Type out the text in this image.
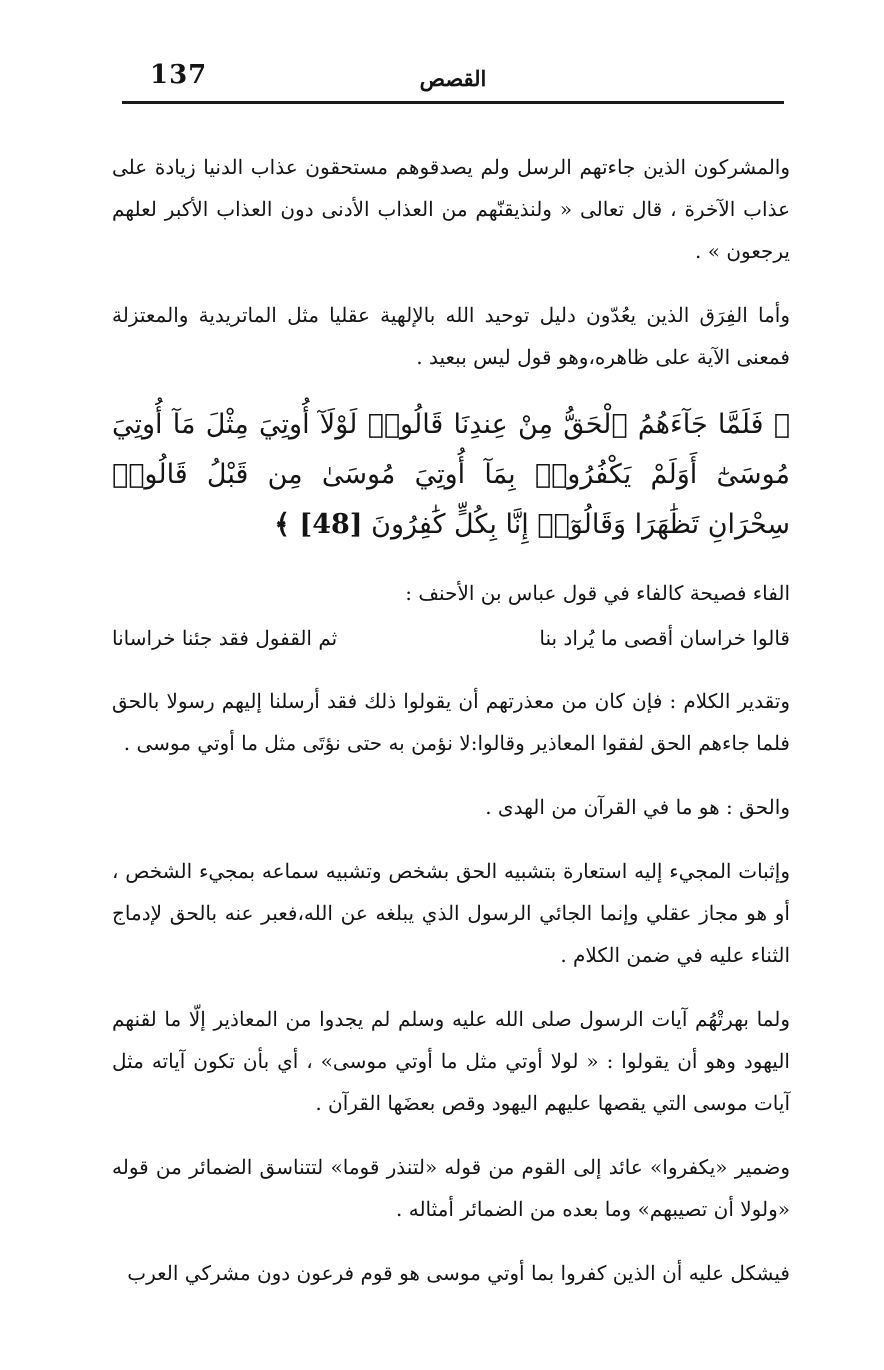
137	القصص

والمشركون الذين جاءتهم الرسل ولم يصدقوهم مستحقون عذاب الدنيا زيادة على عذاب الآخرة ، قال تعالى « ولنذيقنّهم من العذاب الأدنى دون العذاب الأكبر لعلهم يرجعون » .

وأما الفِرَق الذين يعُدّون دليل توحيد الله بالإلهية عقليا مثل الماتريدية والمعتزلة فمعنى الآية على ظاهره،وهو قول ليس ببعيد .

﴿ فَلَمَّا جَآءَهُمُ ٱلْحَقُّ مِنْ عِندِنَا قَالُوا۟ لَوْلَآ أُوتِيَ مِثْلَ مَآ أُوتِيَ مُوسَىٰٓ أَوَلَمْ يَكْفُرُوا۟ بِمَآ أُوتِيَ مُوسَىٰ مِن قَبْلُ قَالُوا۟ سِحْرَانِ تَظَٰهَرَا وَقَالُوٓا۟ إِنَّا بِكُلٍّ كَٰفِرُونَ [48] ﴾

الفاء فصيحة كالفاء في قول عباس بن الأحنف :

قالوا خراسان أقصى ما يُراد بنا
ثم القفول فقد جئنا خراسانا

وتقدير الكلام : فإن كان من معذرتهم أن يقولوا ذلك فقد أرسلنا إليهم رسولا بالحق فلما جاءهم الحق لفقوا المعاذير وقالوا:لا نؤمن به حتى نؤتَى مثل ما أوتي موسى .

والحق : هو ما في القرآن من الهدى .

وإثبات المجيء إليه استعارة بتشبيه الحق بشخص وتشبيه سماعه بمجيء الشخص ، أو هو مجاز عقلي وإنما الجائي الرسول الذي يبلغه عن الله،فعبر عنه بالحق لإدماج الثناء عليه في ضمن الكلام .

ولما بهرتْهُم آيات الرسول صلى الله عليه وسلم لم يجدوا من المعاذير إلّا ما لقنهم اليهود وهو أن يقولوا : « لولا أوتي مثل ما أوتي موسى» ، أي بأن تكون آياته مثل آيات موسى التي يقصها عليهم اليهود وقص بعضَها القرآن .

وضمير «يكفروا» عائد إلى القوم من قوله «لتنذر قوما» لتتناسق الضمائر من قوله «ولولا أن تصيبهم» وما بعده من الضمائر أمثاله .

فيشكل عليه أن الذين كفروا بما أوتي موسى هو قوم فرعون دون مشركي العرب
